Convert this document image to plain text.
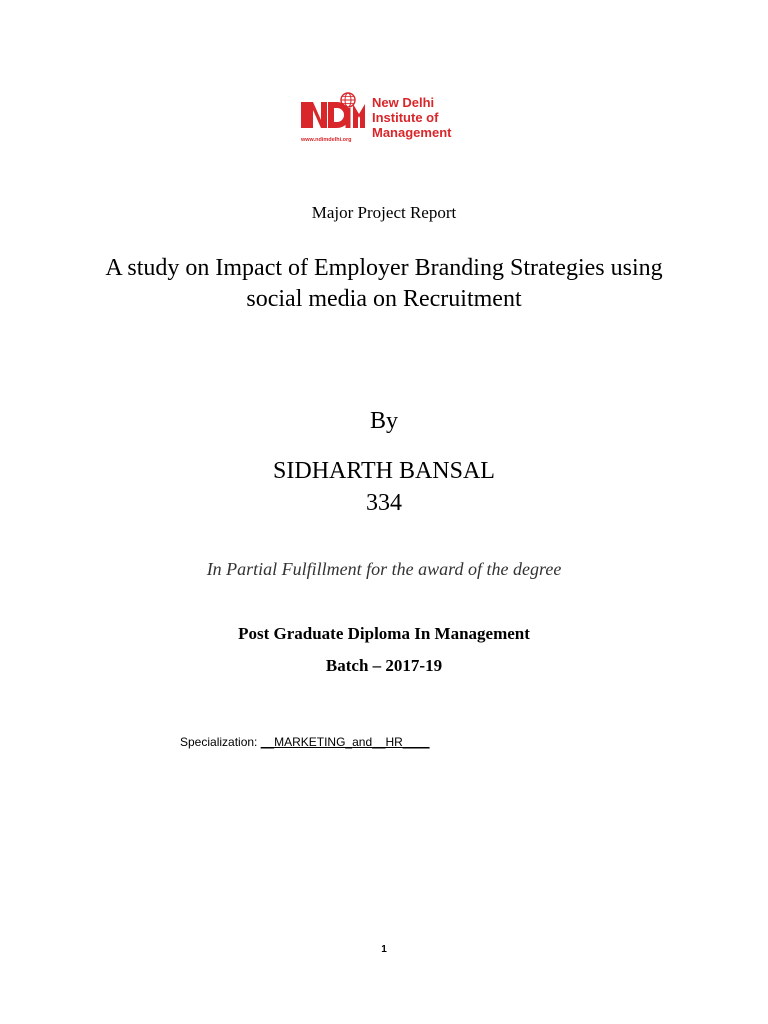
www.ndimdelhi.org
New Delhi
Institute of
Management
Major Project Report
A study on Impact of Employer Branding Strategies using
social media on Recruitment
By
SIDHARTH BANSAL
334
In Partial Fulfillment for the award of the degree
Post Graduate Diploma In Management
Batch – 2017-19
Specialization: __MARKETING_and__HR____
1
